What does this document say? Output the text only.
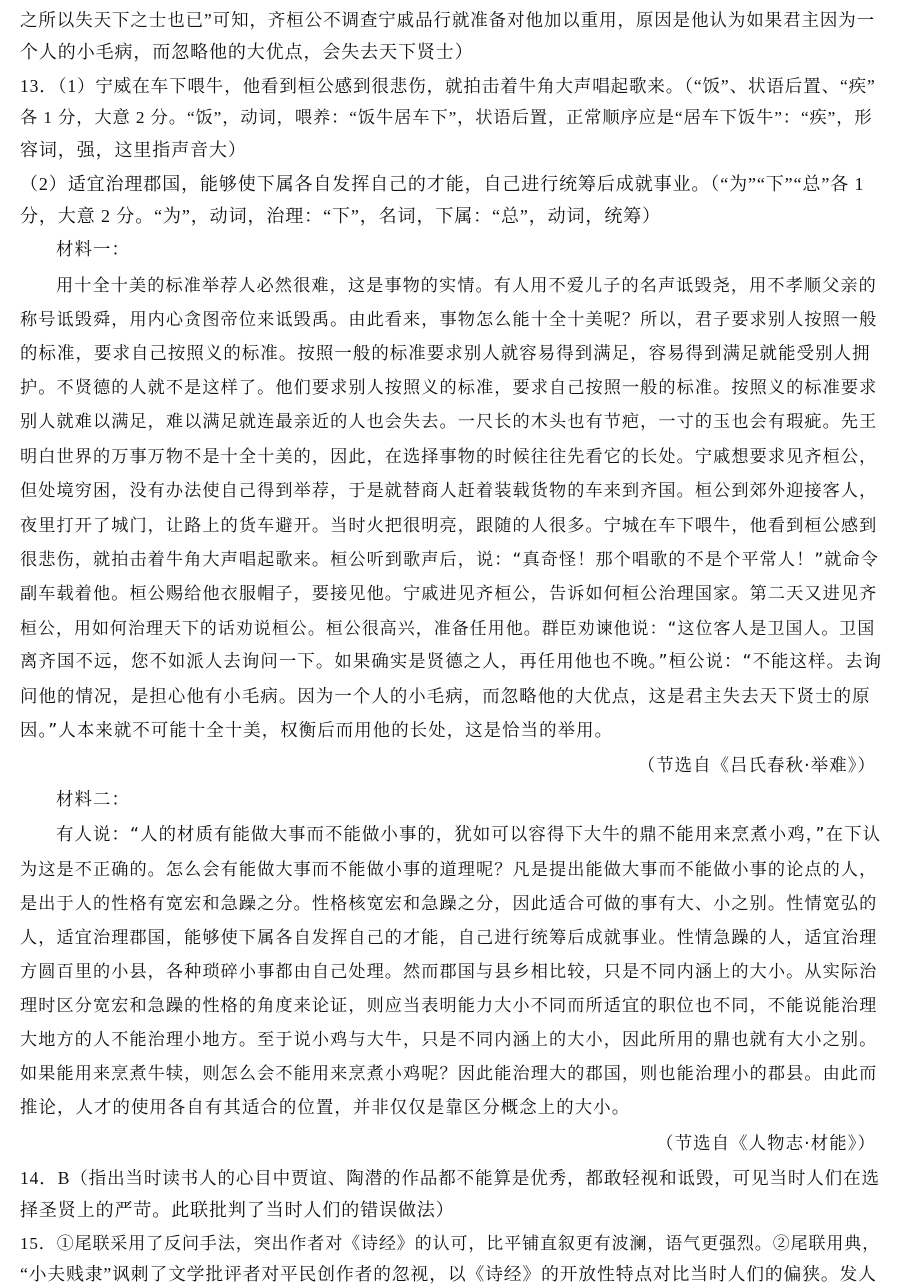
之所以失天下之士也已”可知，齐桓公不调查宁戚品行就准备对他加以重用，原因是他认为如果君主因为一
个人的小毛病，而忽略他的大优点，会失去天下贤士）
13．（1）宁威在车下喂牛，他看到桓公感到很悲伤，就拍击着牛角大声唱起歌来。（“饭”、状语后置、“疾”
各 1 分，大意 2 分。“饭”，动词，喂养：“饭牛居车下”，状语后置，正常顺序应是“居车下饭牛”：“疾”，形
容词，强，这里指声音大）
（2）适宜治理郡国，能够使下属各自发挥自己的才能，自己进行统筹后成就事业。（“为”“下”“总”各 1
分，大意 2 分。“为”，动词，治理：“下”，名词，下属：“总”，动词，统筹）
材料一：
用十全十美的标准举荐人必然很难，这是事物的实情。有人用不爱儿子的名声诋毁尧，用不孝顺父亲的
称号诋毁舜，用内心贪图帝位来诋毁禹。由此看来，事物怎么能十全十美呢？所以，君子要求别人按照一般
的标准，要求自己按照义的标准。按照一般的标准要求别人就容易得到满足，容易得到满足就能受别人拥
护。不贤德的人就不是这样了。他们要求别人按照义的标准，要求自己按照一般的标准。按照义的标准要求
别人就难以满足，难以满足就连最亲近的人也会失去。一尺长的木头也有节疤，一寸的玉也会有瑕疵。先王
明白世界的万事万物不是十全十美的，因此，在选择事物的时候往往先看它的长处。宁戚想要求见齐桓公，
但处境穷困，没有办法使自己得到举荐，于是就替商人赶着装载货物的车来到齐国。桓公到郊外迎接客人，
夜里打开了城门，让路上的货车避开。当时火把很明亮，跟随的人很多。宁城在车下喂牛，他看到桓公感到
很悲伤，就拍击着牛角大声唱起歌来。桓公听到歌声后，说：“真奇怪！那个唱歌的不是个平常人！”就命令
副车载着他。桓公赐给他衣服帽子，要接见他。宁戚进见齐桓公，告诉如何桓公治理国家。第二天又进见齐
桓公，用如何治理天下的话劝说桓公。桓公很高兴，准备任用他。群臣劝谏他说：“这位客人是卫国人。卫国
离齐国不远，您不如派人去询问一下。如果确实是贤德之人，再任用他也不晚。”桓公说：“不能这样。去询
问他的情况，是担心他有小毛病。因为一个人的小毛病，而忽略他的大优点，这是君主失去天下贤士的原
因。”人本来就不可能十全十美，权衡后而用他的长处，这是恰当的举用。
（节选自《吕氏春秋·举难》）
材料二：
有人说：“人的材质有能做大事而不能做小事的，犹如可以容得下大牛的鼎不能用来烹煮小鸡，”在下认
为这是不正确的。怎么会有能做大事而不能做小事的道理呢？凡是提出能做大事而不能做小事的论点的人，
是出于人的性格有宽宏和急躁之分。性格核宽宏和急躁之分，因此适合可做的事有大、小之别。性情宽弘的
人，适宜治理郡国，能够使下属各自发挥自己的才能，自己进行统筹后成就事业。性情急躁的人，适宜治理
方圆百里的小县，各种琐碎小事都由自己处理。然而郡国与县乡相比较，只是不同内涵上的大小。从实际治
理时区分宽宏和急躁的性格的角度来论证，则应当表明能力大小不同而所适宜的职位也不同，不能说能治理
大地方的人不能治理小地方。至于说小鸡与大牛，只是不同内涵上的大小，因此所用的鼎也就有大小之别。
如果能用来烹煮牛犊，则怎么会不能用来烹煮小鸡呢？因此能治理大的郡国，则也能治理小的郡县。由此而
推论，人才的使用各自有其适合的位置，并非仅仅是靠区分概念上的大小。
（节选自《人物志·材能》）
14．B（指出当时读书人的心目中贾谊、陶潜的作品都不能算是优秀，都敢轻视和诋毁，可见当时人们在选
择圣贤上的严苛。此联批判了当时人们的错误做法）
15．①尾联采用了反问手法，突出作者对《诗经》的认可，比平铺直叙更有波澜，语气更强烈。②尾联用典，
“小夫贱隶”讽刺了文学批评者对平民创作者的忽视，以《诗经》的开放性特点对比当时人们的偏狭。发人
